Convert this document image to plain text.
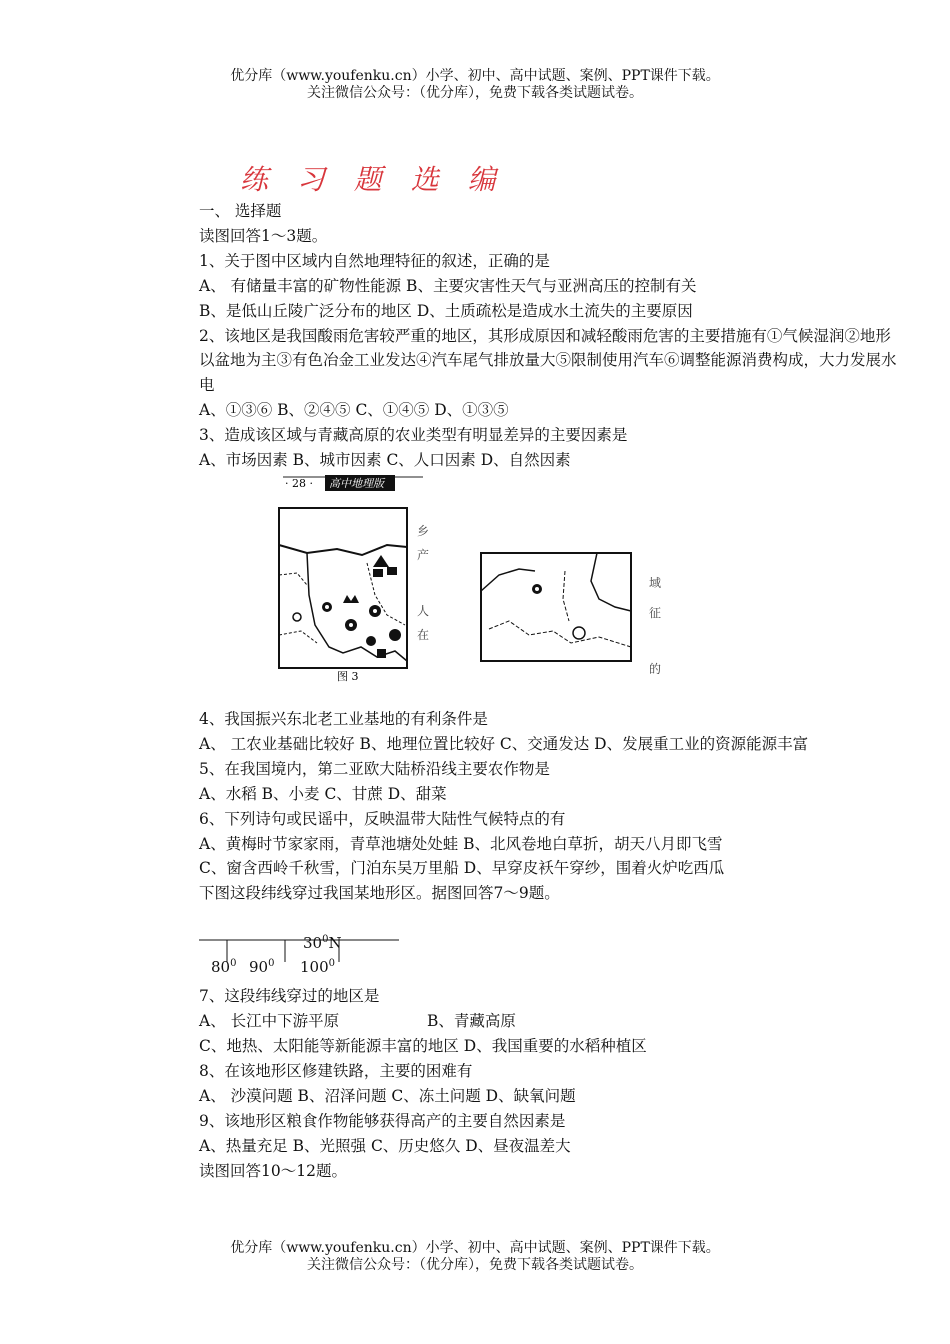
优分库（www.youfenku.cn）小学、初中、高中试题、案例、PPT课件下载。
关注微信公众号：（优分库），免费下载各类试题试卷。
练 习 题 选 编

一、 选择题

读图回答1～3题。

1、关于图中区域内自然地理特征的叙述，正确的是

A、 有储量丰富的矿物性能源 B、主要灾害性天气与亚洲高压的控制有关

B、是低山丘陵广泛分布的地区 D、土质疏松是造成水土流失的主要原因

2、该地区是我国酸雨危害较严重的地区，其形成原因和减轻酸雨危害的主要措施有①气候湿润②地形以盆地为主③有色冶金工业发达④汽车尾气排放量大⑤限制使用汽车⑥调整能源消费构成，大力发展水电

A、①③⑥ B、②④⑤ C、①④⑤ D、①③⑤

3、造成该区域与青藏高原的农业类型有明显差异的主要因素是

A、市场因素 B、城市因素 C、人口因素 D、自然因素

· 28 · 高中地理版
图 3
乡
产
人
在
域
征
的

4、我国振兴东北老工业基地的有利条件是

A、 工农业基础比较好 B、地理位置比较好 C、交通发达 D、发展重工业的资源能源丰富

5、在我国境内，第二亚欧大陆桥沿线主要农作物是

A、水稻 B、小麦 C、甘蔗 D、甜菜

6、下列诗句或民谣中，反映温带大陆性气候特点的有

A、黄梅时节家家雨，青草池塘处处蛙 B、北风卷地白草折，胡天八月即飞雪

C、窗含西岭千秋雪，门泊东吴万里船 D、早穿皮袄午穿纱，围着火炉吃西瓜

下图这段纬线穿过我国某地形区。据图回答7～9题。

$30^0N$
$80^0$ $90^0$ $100^0$

7、这段纬线穿过的地区是

A、 长江中下游平原	B、青藏高原

C、地热、太阳能等新能源丰富的地区 D、我国重要的水稻种植区

8、在该地形区修建铁路，主要的困难有

A、 沙漠问题 B、沼泽问题 C、冻土问题 D、缺氧问题

9、该地形区粮食作物能够获得高产的主要自然因素是

A、热量充足 B、光照强 C、历史悠久 D、昼夜温差大

读图回答10～12题。

优分库（www.youfenku.cn）小学、初中、高中试题、案例、PPT课件下载。
关注微信公众号：（优分库），免费下载各类试题试卷。
